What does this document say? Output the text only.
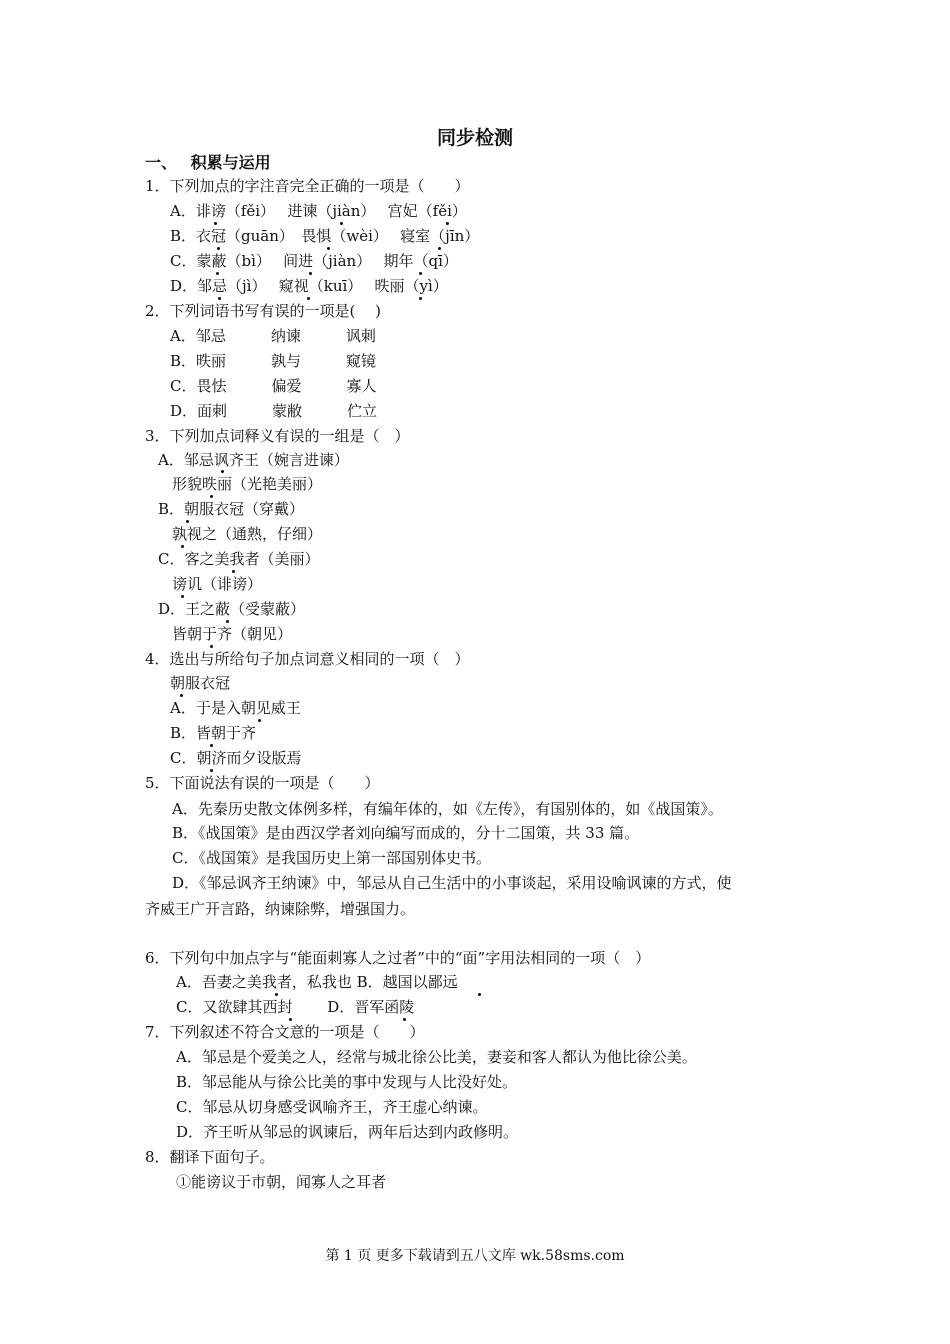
同步检测
一、　 积累与运用
1．下列加点的字注音完全正确的一项是（　　）
A．诽谤（fěi）　 进谏（jiàn）　 宫妃（fěi）
B．衣冠（guān）　畏惧（wèi）　 寝室（jīn）
C．蒙蔽（bì）　 间进（jiàn）　 期年（qī）
D．邹忌（jì）　 窥视（kuī）　 昳丽（yì）
2．下列词语书写有误的一项是(　 )
A．邹忌　　　纳谏　　　讽刺
B．昳丽　　　孰与　　　窥镜
C．畏怯　　　偏爱　　　寡人
D．面刺　　　蒙敝　　　伫立
3．下列加点词释义有误的一组是（　）
A．邹忌讽齐王（婉言进谏）
形貌昳丽（光艳美丽）
B．朝服衣冠（穿戴）
孰视之（通熟，仔细）
C．客之美我者（美丽）
谤讥（诽谤）
D．王之蔽（受蒙蔽）
皆朝于齐（朝见）
4．选出与所给句子加点词意义相同的一项（　）
朝服衣冠
A．于是入朝见威王
B．皆朝于齐
C．朝济而夕设版焉
5．下面说法有误的一项是（　　）
A．先秦历史散文体例多样，有编年体的，如《左传》，有国别体的，如《战国策》。
B．《战国策》是由西汉学者刘向编写而成的，分十二国策，共 33 篇。
C．《战国策》是我国历史上第一部国别体史书。
D．《邹忌讽齐王纳谏》中，邹忌从自己生活中的小事谈起，采用设喻讽谏的方式，使
齐威王广开言路，纳谏除弊，增强国力。
6．下列句中加点字与“能面刺寡人之过者”中的“面”字用法相同的一项（　）
A．吾妻之美我者，私我也 B．越国以鄙远
C．又欲肆其西封　　 D．晋军函陵
7．下列叙述不符合文意的一项是（　　）
A．邹忌是个爱美之人，经常与城北徐公比美，妻妾和客人都认为他比徐公美。
B．邹忌能从与徐公比美的事中发现与人比没好处。
C．邹忌从切身感受讽喻齐王，齐王虚心纳谏。
D．齐王听从邹忌的讽谏后，两年后达到内政修明。
8．翻译下面句子。
①能谤议于市朝，闻寡人之耳者
第 1 页 更多下载请到五八文库 wk.58sms.com
